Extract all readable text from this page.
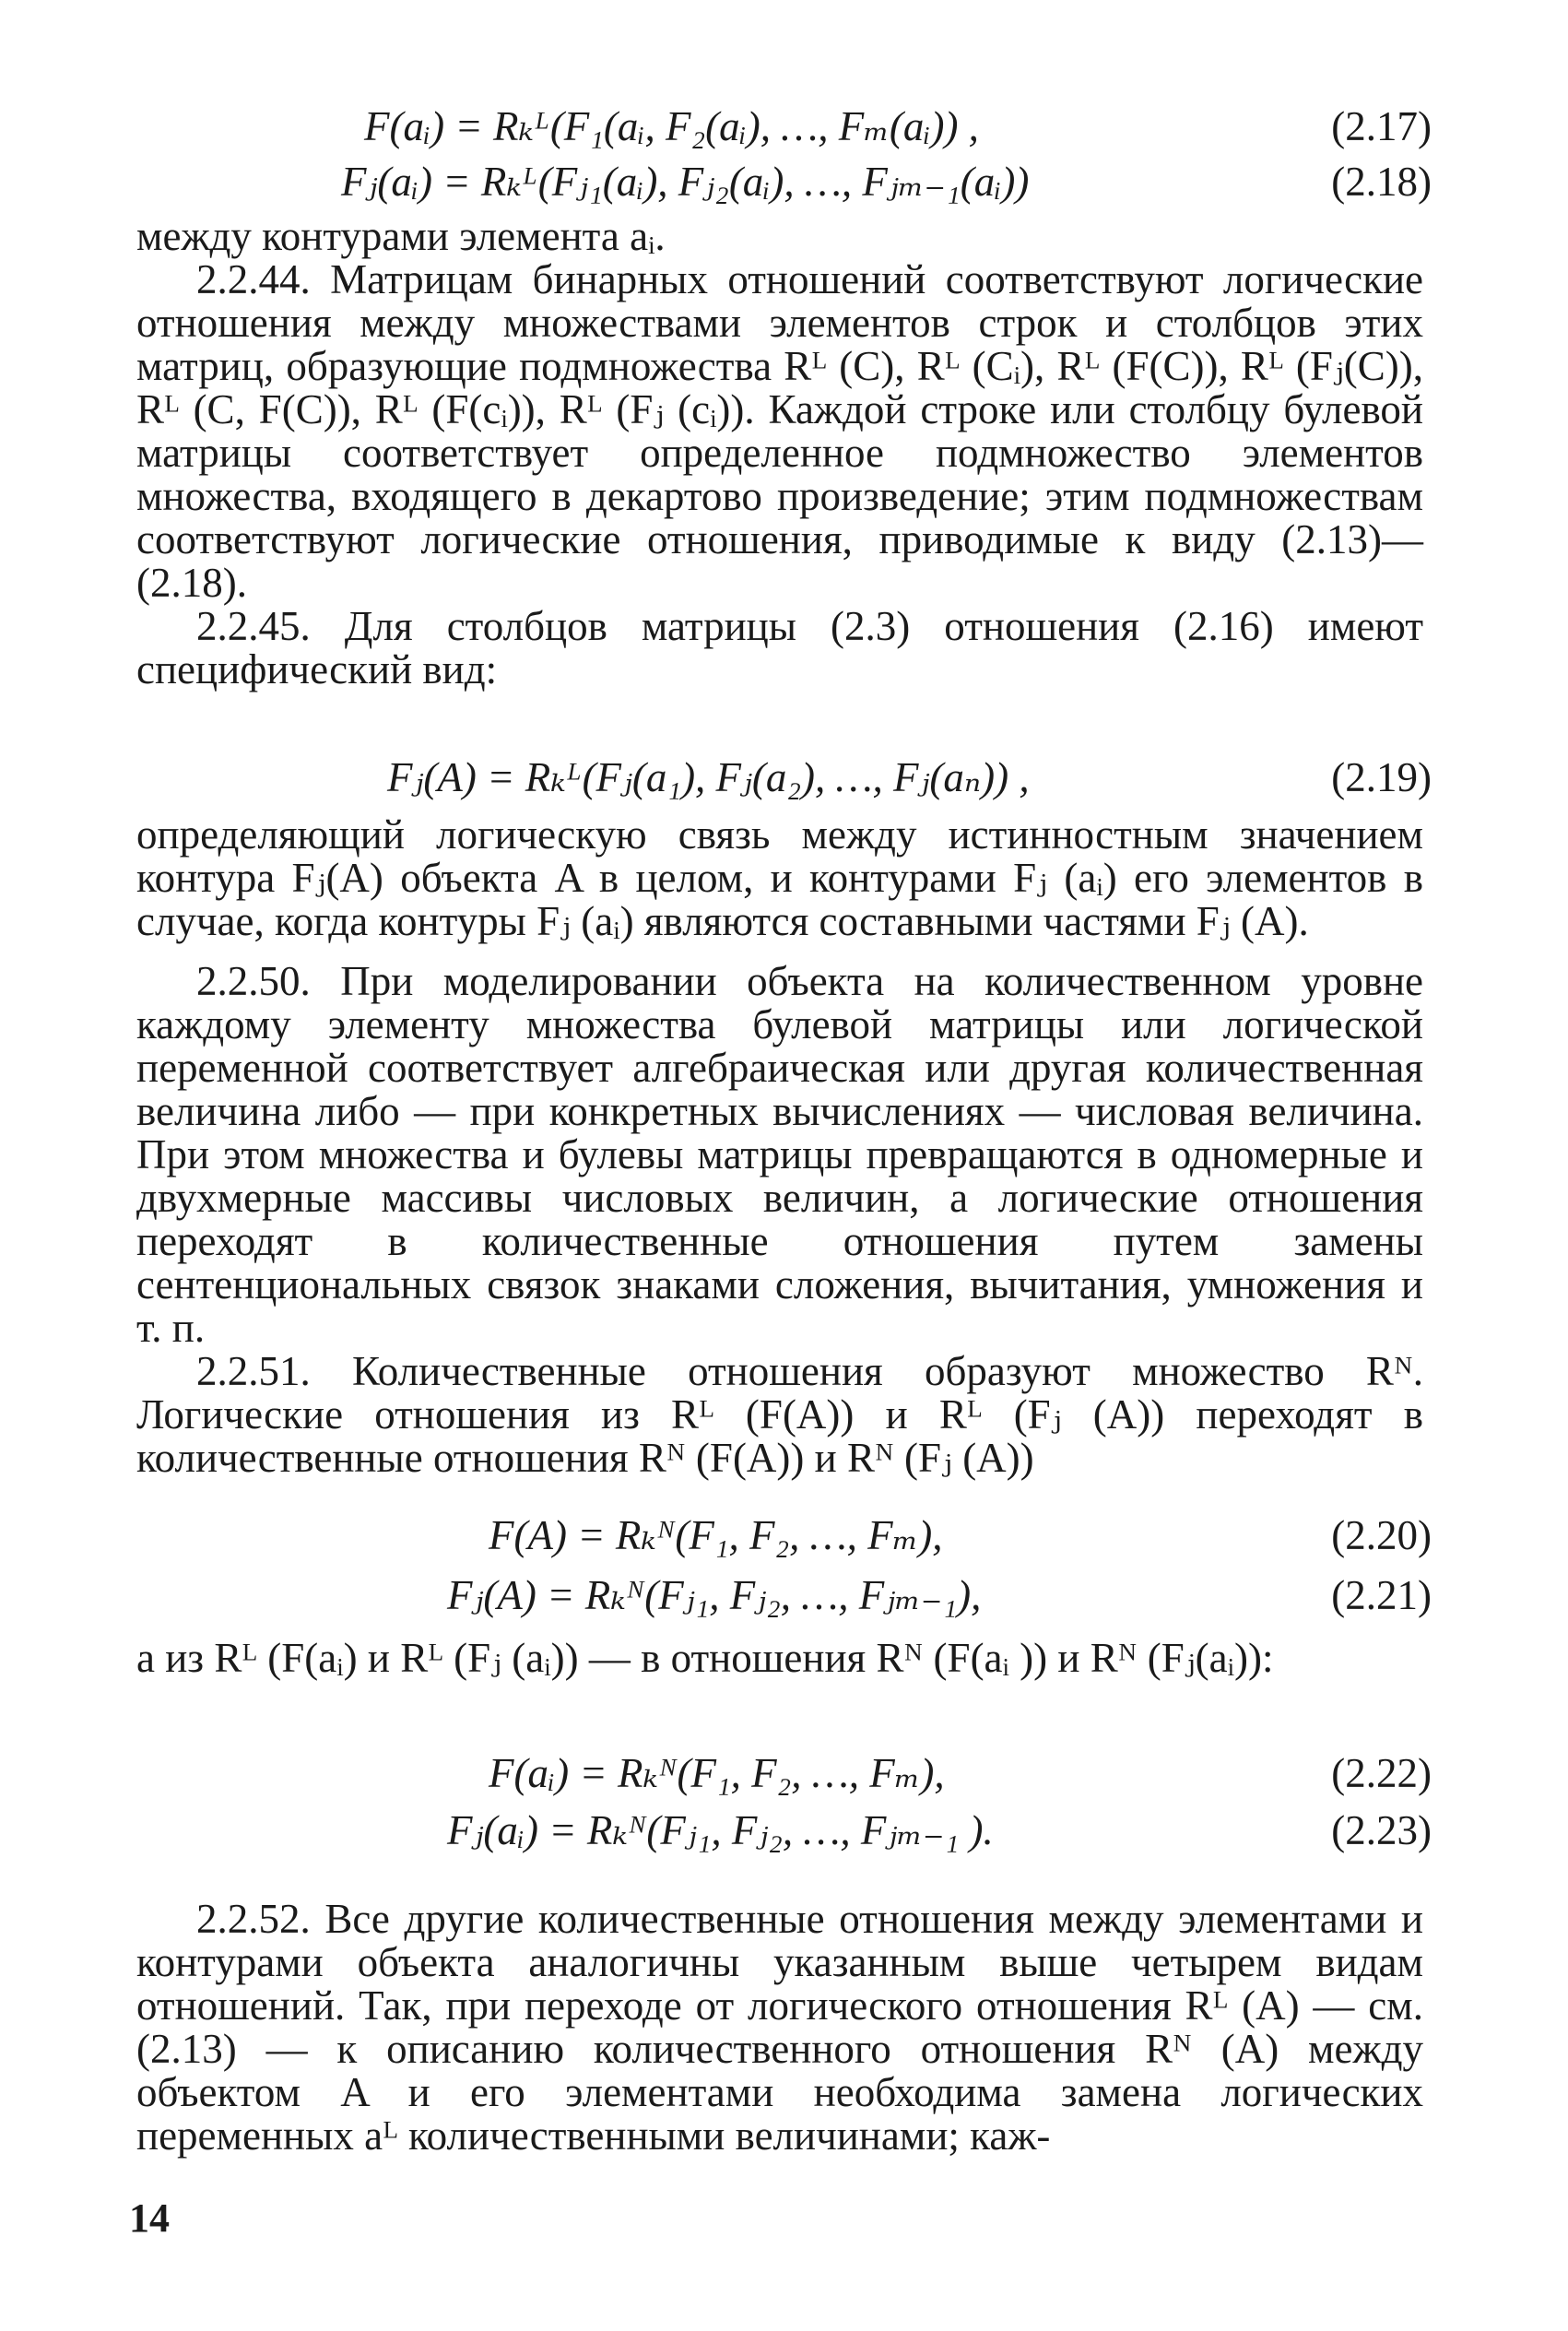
F(aᵢ) = Rₖᴸ(F₁(aᵢ, F₂(aᵢ), …, Fₘ(aᵢ)) ,	(2.17)
Fⱼ(aᵢ) = Rₖᴸ(Fⱼ₁(aᵢ), Fⱼ₂(aᵢ), …, Fⱼₘ₋₁(aᵢ))	(2.18)

между контурами элемента aᵢ.

2.2.44. Матрицам бинарных отношений соответствуют логические отношения между множествами элементов строк и столбцов этих матриц, образующие подмножества Rᴸ (C), Rᴸ (Cᵢ), Rᴸ (F(C)), Rᴸ (Fⱼ(C)), Rᴸ (C, F(C)), Rᴸ (F(cᵢ)), Rᴸ (Fⱼ (cᵢ)). Каждой строке или столбцу булевой матрицы соответствует определенное подмножество элементов множества, входящего в декартово произведение; этим подмножествам соответствуют логические отношения, приводимые к виду (2.13)—(2.18).

2.2.45. Для столбцов матрицы (2.3) отношения (2.16) имеют специфический вид:

Fⱼ(A) = Rₖᴸ(Fⱼ(a₁), Fⱼ(a₂), …, Fⱼ(aₙ)) ,	(2.19)

определяющий логическую связь между истинностным значением контура Fⱼ(A) объекта A в целом, и контурами Fⱼ (aᵢ) его элементов в случае, когда контуры Fⱼ (aᵢ) являются составными частями Fⱼ (A).

2.2.50. При моделировании объекта на количественном уровне каждому элементу множества булевой матрицы или логической переменной соответствует алгебраическая или другая количественная величина либо — при конкретных вычислениях — числовая величина. При этом множества и булевы матрицы превращаются в одномерные и двухмерные массивы числовых величин, а логические отношения переходят в количественные отношения путем замены сентенциональных связок знаками сложения, вычитания, умножения и т. п.

2.2.51. Количественные отношения образуют множество Rᴺ. Логические отношения из Rᴸ (F(A)) и Rᴸ (Fⱼ (A)) переходят в количественные отношения Rᴺ (F(A)) и Rᴺ (Fⱼ (A))

F(A) = Rₖᴺ(F₁, F₂, …, Fₘ),	(2.20)
Fⱼ(A) = Rₖᴺ(Fⱼ₁, Fⱼ₂, …, Fⱼₘ₋₁),	(2.21)

а из Rᴸ (F(aᵢ) и Rᴸ (Fⱼ (aᵢ)) — в отношения Rᴺ (F(aᵢ )) и Rᴺ (Fⱼ(aᵢ)):

F(aᵢ) = Rₖᴺ(F₁, F₂, …, Fₘ),	(2.22)
Fⱼ(aᵢ) = Rₖᴺ(Fⱼ₁, Fⱼ₂, …, Fⱼₘ₋₁ ).	(2.23)

2.2.52. Все другие количественные отношения между элементами и контурами объекта аналогичны указанным выше четырем видам отношений. Так, при переходе от логического отношения Rᴸ (A) — см. (2.13) — к описанию количественного отношения Rᴺ (A) между объектом A и его элементами необходима замена логических переменных aᴸ количественными величинами; каж-

14
